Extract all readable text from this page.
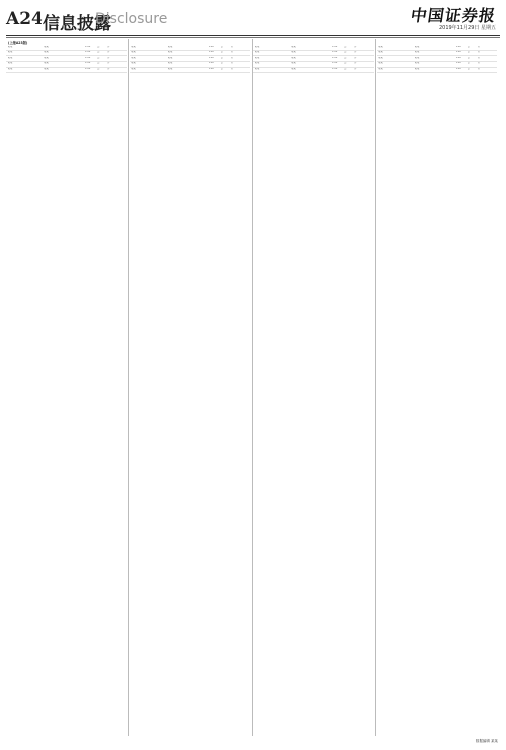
A24 信息披露
Disclosure	中国证券报
2019年11月29日 星期五
(上接A23版)
某某	某某	1.00	是	否
某某	某某	1.00	是	否
某某	某某	1.00	是	否
某某	某某	1.00	是	否
某某	某某	1.00	是	否
某某	某某	1.00	是	否
某某	某某	1.00	是	否
某某	某某	1.00	是	否
某某	某某	1.00	是	否
某某	某某	1.00	是	否
某某	某某	1.00	是	否
某某	某某	1.00	是	否
某某	某某	1.00	是	否
某某	某某	1.00	是	否
某某	某某	1.00	是	否
某某	某某	1.00	是	否
某某	某某	1.00	是	否
某某	某某	1.00	是	否
某某	某某	1.00	是	否
某某	某某	1.00	是	否
数据编辑 某某
